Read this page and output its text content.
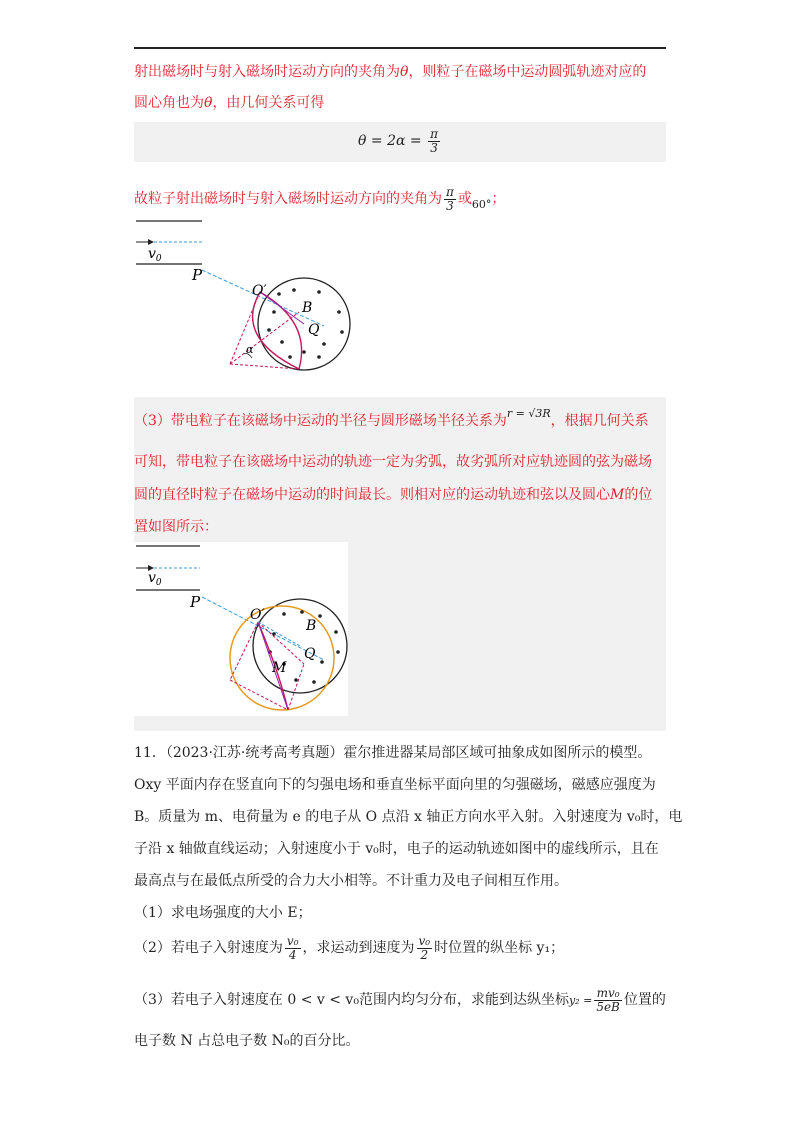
射出磁场时与射入磁场时运动方向的夹角为θ，则粒子在磁场中运动圆弧轨迹对应的
圆心角也为θ，由几何关系可得
$\theta = 2\alpha = \frac{\pi}{3}$
故粒子射出磁场时与射入磁场时运动方向的夹角为 $\frac{\pi}{3}$ 或$_{60^\circ}$；
$v_0$
P
O′
B
Q
α
（3）带电粒子在该磁场中运动的半径与圆形磁场半径关系为$^{r = √3R}$，根据几何关系
可知，带电粒子在该磁场中运动的轨迹一定为劣弧，故劣弧所对应轨迹圆的弦为磁场
圆的直径时粒子在磁场中运动的时间最长。则相对应的运动轨迹和弦以及圆心M的位
置如图所示：
$v_0$
P
O′
B
Q
M
11．（2023·江苏·统考高考真题）霍尔推进器某局部区域可抽象成如图所示的模型。
Oxy 平面内存在竖直向下的匀强电场和垂直坐标平面向里的匀强磁场，磁感应强度为
B。质量为 m、电荷量为 e 的电子从 O 点沿 x 轴正方向水平入射。入射速度为 v₀时，电
子沿 x 轴做直线运动；入射速度小于 v₀时，电子的运动轨迹如图中的虚线所示，且在
最高点与在最低点所受的合力大小相等。不计重力及电子间相互作用。
（1）求电场强度的大小 E；
（2）若电子入射速度为 $\frac{\text{v₀}}{4}$ ，求运动到速度为 $\frac{\text{v₀}}{2}$ 时位置的纵坐标 y₁；
（3）若电子入射速度在 0 < v < v₀范围内均匀分布，求能到达纵坐标$y_2 = \frac{\text{mv₀}}{5eB}$ 位置的
电子数 N 占总电子数 N₀的百分比。
